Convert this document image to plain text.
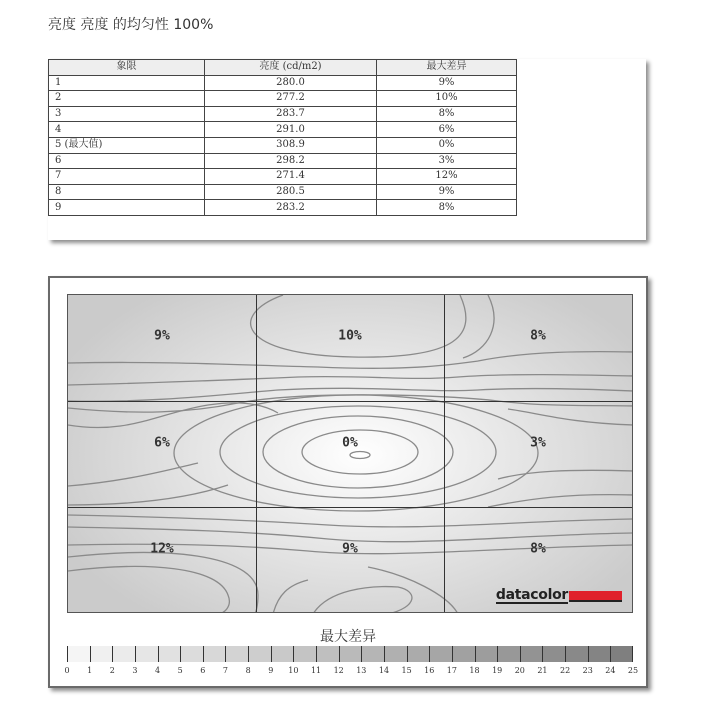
亮度 亮度 的均匀性 100%
象限	亮度 (cd/m2)	最大差异
1	280.0	9%
2	277.2	10%
3	283.7	8%
4	291.0	6%
5 (最大值)	308.9	0%
6	298.2	3%
7	271.4	12%
8	280.5	9%
9	283.2	8%
9%	10%	8%
6%	0%	3%
12%	9%	8%
datacolor
最大差异
0 1 2 3 4 5 6 7 8 9 10 11 12 13 14 15 16 17 18 19 20 21 22 23 24 25
